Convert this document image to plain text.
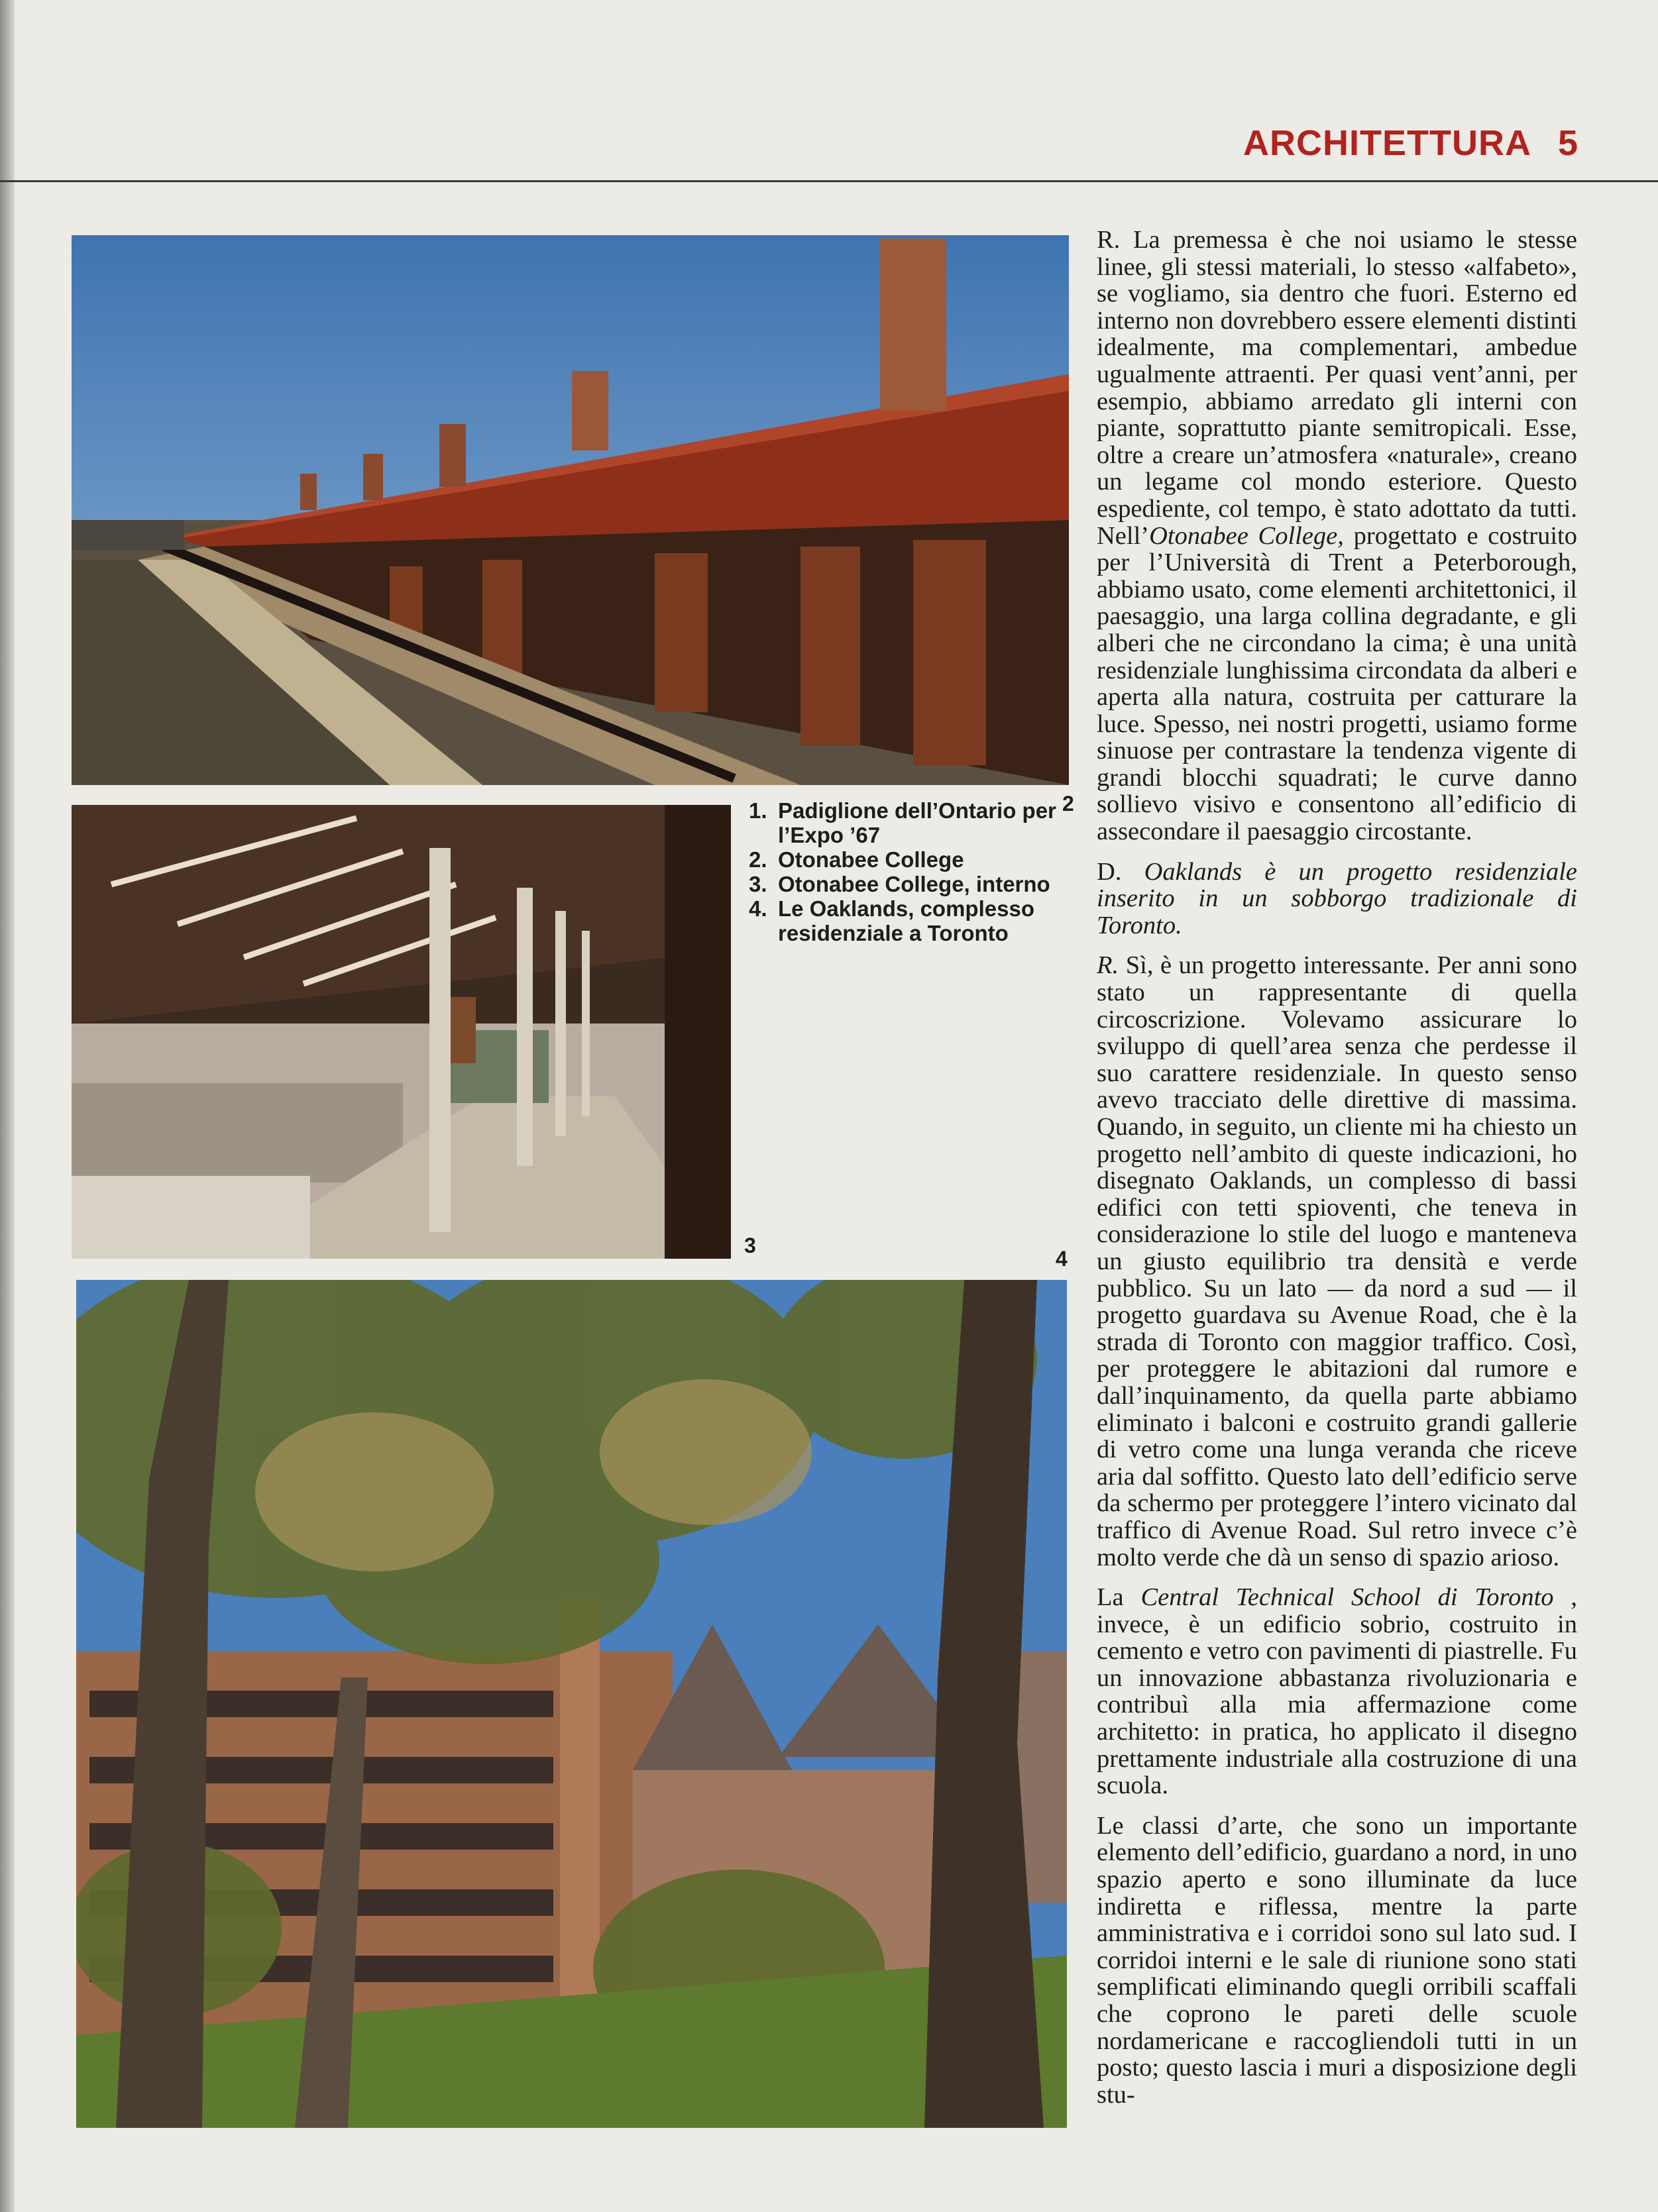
ARCHITETTURA 5
2
3
1. Padiglione dell’Ontario per l’Expo ’67
2. Otonabee College
3. Otonabee College, interno
4. Le Oaklands, complesso residenziale a Toronto
4

R. La premessa è che noi usiamo le stesse linee, gli stessi materiali, lo stesso «alfabeto», se vogliamo, sia dentro che fuori. Esterno ed interno non dovrebbero essere elementi distinti idealmente, ma complementari, ambedue ugualmente attraenti. Per quasi vent’anni, per esempio, abbiamo arredato gli interni con piante, soprattutto piante semitropicali. Esse, oltre a creare un’atmosfera «naturale», creano un legame col mondo esteriore. Questo espediente, col tempo, è stato adottato da tutti. Nell’Otonabee College, progettato e costruito per l’Università di Trent a Peterborough, abbiamo usato, come elementi architettonici, il paesaggio, una larga collina degradante, e gli alberi che ne circondano la cima; è una unità residenziale lunghissima circondata da alberi e aperta alla natura, costruita per catturare la luce. Spesso, nei nostri progetti, usiamo forme sinuose per contrastare la tendenza vigente di grandi blocchi squadrati; le curve danno sollievo visivo e consentono all’edificio di assecondare il paesaggio circostante.

D. Oaklands è un progetto residenziale inserito in un sobborgo tradizionale di Toronto.

R. Sì, è un progetto interessante. Per anni sono stato un rappresentante di quella circoscrizione. Volevamo assicurare lo sviluppo di quell’area senza che perdesse il suo carattere residenziale. In questo senso avevo tracciato delle direttive di massima. Quando, in seguito, un cliente mi ha chiesto un progetto nell’ambito di queste indicazioni, ho disegnato Oaklands, un complesso di bassi edifici con tetti spioventi, che teneva in considerazione lo stile del luogo e manteneva un giusto equilibrio tra densità e verde pubblico. Su un lato — da nord a sud — il progetto guardava su Avenue Road, che è la strada di Toronto con maggior traffico. Così, per proteggere le abitazioni dal rumore e dall’inquinamento, da quella parte abbiamo eliminato i balconi e costruito grandi gallerie di vetro come una lunga veranda che riceve aria dal soffitto. Questo lato dell’edificio serve da schermo per proteggere l’intero vicinato dal traffico di Avenue Road. Sul retro invece c’è molto verde che dà un senso di spazio arioso.

La Central Technical School di Toronto , invece, è un edificio sobrio, costruito in cemento e vetro con pavimenti di piastrelle. Fu un innovazione abbastanza rivoluzionaria e contribuì alla mia affermazione come architetto: in pratica, ho applicato il disegno prettamente industriale alla costruzione di una scuola.

Le classi d’arte, che sono un importante elemento dell’edificio, guardano a nord, in uno spazio aperto e sono illuminate da luce indiretta e riflessa, mentre la parte amministrativa e i corridoi sono sul lato sud. I corridoi interni e le sale di riunione sono stati semplificati eliminando quegli orribili scaffali che coprono le pareti delle scuole nordamericane e raccogliendoli tutti in un posto; questo lascia i muri a disposizione degli stu-
